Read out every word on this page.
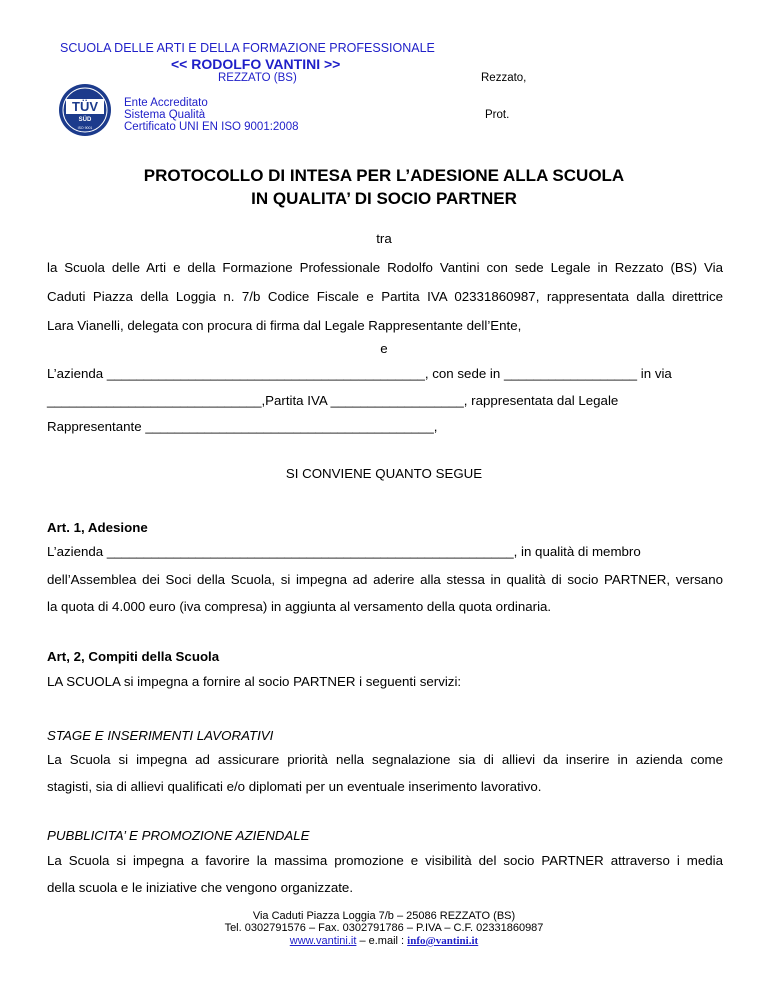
SCUOLA DELLE ARTI E DELLA FORMAZIONE PROFESSIONALE
<< RODOLFO VANTINI >>
REZZATO (BS)	Rezzato,
TÜV
SÜD
ISO 9001
Ente Accreditato
Sistema Qualità
Certificato UNI EN ISO 9001:2008
Prot.
PROTOCOLLO DI INTESA PER L’ADESIONE ALLA SCUOLA
IN QUALITA’ DI SOCIO PARTNER
tra
la Scuola delle Arti e della Formazione Professionale Rodolfo Vantini con sede Legale in Rezzato (BS) Via
Caduti Piazza della Loggia n. 7/b Codice Fiscale e Partita IVA 02331860987, rappresentata dalla direttrice
Lara Vianelli, delegata con procura di firma dal Legale Rappresentante dell’Ente,
e
L’azienda ___________________________________________, con sede in __________________ in via
_____________________________,Partita IVA __________________, rappresentata dal Legale
Rappresentante _______________________________________,
SI CONVIENE QUANTO SEGUE
Art. 1, Adesione
L’azienda _______________________________________________________, in qualità di membro
dell’Assemblea dei Soci della Scuola, si impegna ad aderire alla stessa in qualità di socio PARTNER, versano
la quota di 4.000 euro (iva compresa) in aggiunta al versamento della quota ordinaria.
Art, 2, Compiti della Scuola
LA SCUOLA si impegna a fornire al socio PARTNER i seguenti servizi:
STAGE E INSERIMENTI LAVORATIVI
La Scuola si impegna ad assicurare priorità nella segnalazione sia di allievi da inserire in azienda come
stagisti, sia di allievi qualificati e/o diplomati per un eventuale inserimento lavorativo.
PUBBLICITA’ E PROMOZIONE AZIENDALE
La Scuola si impegna a favorire la massima promozione e visibilità del socio PARTNER attraverso i media
della scuola e le iniziative che vengono organizzate.
Via Caduti Piazza Loggia 7/b – 25086 REZZATO (BS)
Tel. 0302791576 – Fax. 0302791786 – P.IVA – C.F. 02331860987
www.vantini.it – e.mail : info@vantini.it
